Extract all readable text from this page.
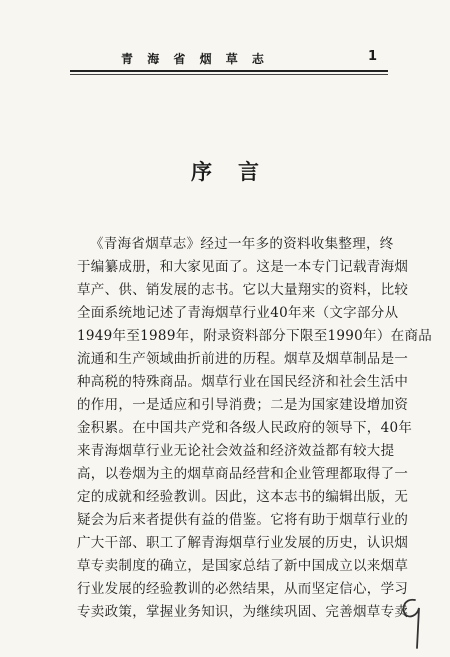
青 海 省 烟 草 志	1
序言
《青海省烟草志》经过一年多的资料收集整理，终
于编纂成册，和大家见面了。这是一本专门记载青海烟
草产、供、销发展的志书。它以大量翔实的资料，比较
全面系统地记述了青海烟草行业40年来（文字部分从
1949年至1989年，附录资料部分下限至1990年）在商品
流通和生产领域曲折前进的历程。烟草及烟草制品是一
种高税的特殊商品。烟草行业在国民经济和社会生活中
的作用，一是适应和引导消费；二是为国家建设增加资
金积累。在中国共产党和各级人民政府的领导下，40年
来青海烟草行业无论社会效益和经济效益都有较大提
高，以卷烟为主的烟草商品经营和企业管理都取得了一
定的成就和经验教训。因此，这本志书的编辑出版，无
疑会为后来者提供有益的借鉴。它将有助于烟草行业的
广大干部、职工了解青海烟草行业发展的历史，认识烟
草专卖制度的确立，是国家总结了新中国成立以来烟草
行业发展的经验教训的必然结果，从而坚定信心，学习
专卖政策，掌握业务知识，为继续巩固、完善烟草专卖
